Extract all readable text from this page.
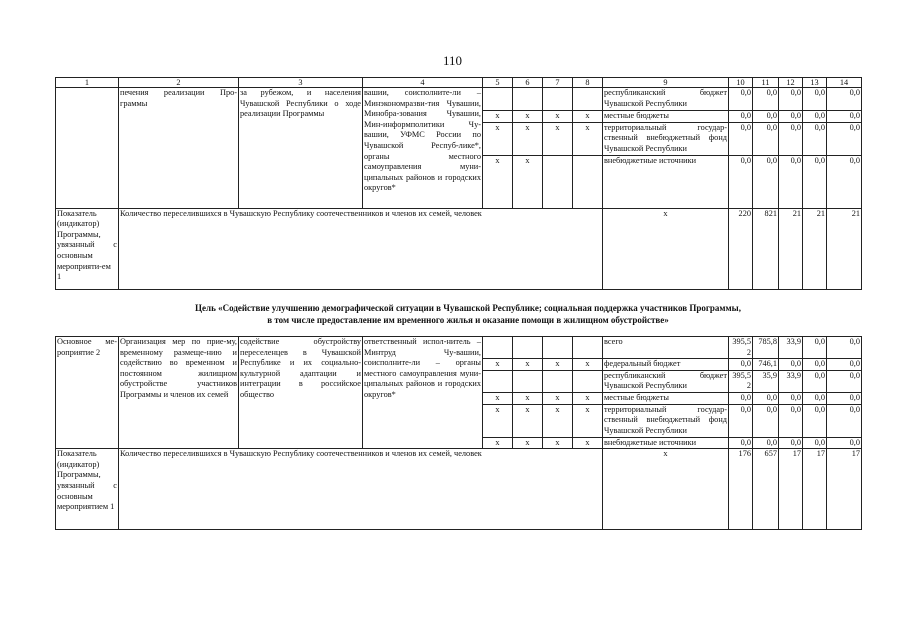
110
1	2	3	4	5	6	7	8	9	10	11	12	13	14
	печения реализации Про-граммы	за рубежом, и населения Чувашской Республики о ходе реализации Программы	вашии, соисполните-ли – Минэкономразви-тия Чувашии, Минобра-зования Чувашии, Мин-информполитики Чу-вашии, УФМС России по Чувашской Респуб-лике*, органы местного самоуправления муни-ципальных районов и городских округов*					республиканский бюджет Чувашской Республики	0,0	0,0	0,0	0,0	0,0
				х	х	х	х	местные бюджеты	0,0	0,0	0,0	0,0	0,0
				х	х	х	х	территориальный государ-ственный внебюджетный фонд Чувашской Республики	0,0	0,0	0,0	0,0	0,0
				х	х			внебюджетные источники	0,0	0,0	0,0	0,0	0,0
Показатель (индикатор) Программы, увязанный с основным мероприяти-ем 1	Количество переселившихся в Чувашскую Республику соотечественников и членов их семей, человек							х	220	821	21	21	21
Цель «Содействие улучшению демографической ситуации в Чувашской Республике; социальная поддержка участников Программы,
в том числе предоставление им временного жилья и оказание помощи в жилищном обустройстве»
Основное ме-роприятие 2	Организация мер по прие-му, временному размеще-нию и содействию во временном и постоянном жилищном обустройстве участников Программы и членов их семей	содействие обустройству переселенцев в Чувашской Республике и их социально-культурной адаптации и интеграции в российское общество	ответственный испол-нитель – Минтруд Чу-вашии, соисполните-ли – органы местного самоуправления муни-ципальных районов и городских округов*					всего	395,5 2	785,8	33,9	0,0	0,0
				х	х	х	х	федеральный бюджет	0,0	746,1	0,0	0,0	0,0
								республиканский бюджет Чувашской Республики	395,5 2	35,9	33,9	0,0	0,0
				х	х	х	х	местные бюджеты	0,0	0,0	0,0	0,0	0,0
				х	х	х	х	территориальный государ-ственный внебюджетный фонд Чувашской Республики	0,0	0,0	0,0	0,0	0,0
				х	х	х	х	внебюджетные источники	0,0	0,0	0,0	0,0	0,0
Показатель (индикатор) Программы, увязанный с основным мероприятием 1	Количество переселившихся в Чувашскую Республику соотечественников и членов их семей, человек							х	176	657	17	17	17
